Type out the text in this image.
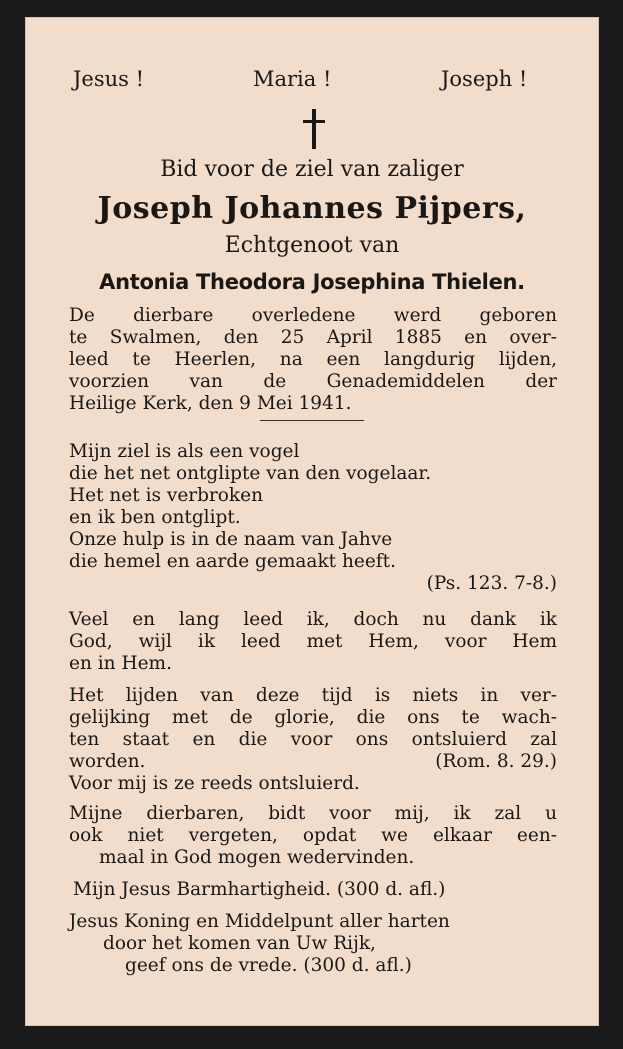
Jesus !	Maria !	Joseph !
Bid voor de ziel van zaliger
Joseph Johannes Pijpers,
Echtgenoot van
Antonia Theodora Josephina Thielen.
De dierbare overledene werd geboren
te Swalmen, den 25 April 1885 en over-
leed te Heerlen, na een langdurig lijden,
voorzien van de Genademiddelen der
Heilige Kerk, den 9 Mei 1941.
Mijn ziel is als een vogel
die het net ontglipte van den vogelaar.
Het net is verbroken
en ik ben ontglipt.
Onze hulp is in de naam van Jahve
die hemel en aarde gemaakt heeft.
(Ps. 123. 7-8.)
Veel en lang leed ik, doch nu dank ik
God, wijl ik leed met Hem, voor Hem
en in Hem.
Het lijden van deze tijd is niets in ver-
gelijking met de glorie, die ons te wach-
ten staat en die voor ons ontsluierd zal
worden.	(Rom. 8. 29.)
Voor mij is ze reeds ontsluierd.
Mijne dierbaren, bidt voor mij, ik zal u
ook niet vergeten, opdat we elkaar een-
maal in God mogen wedervinden.
Mijn Jesus Barmhartigheid. (300 d. afl.)
Jesus Koning en Middelpunt aller harten
door het komen van Uw Rijk,
geef ons de vrede. (300 d. afl.)
